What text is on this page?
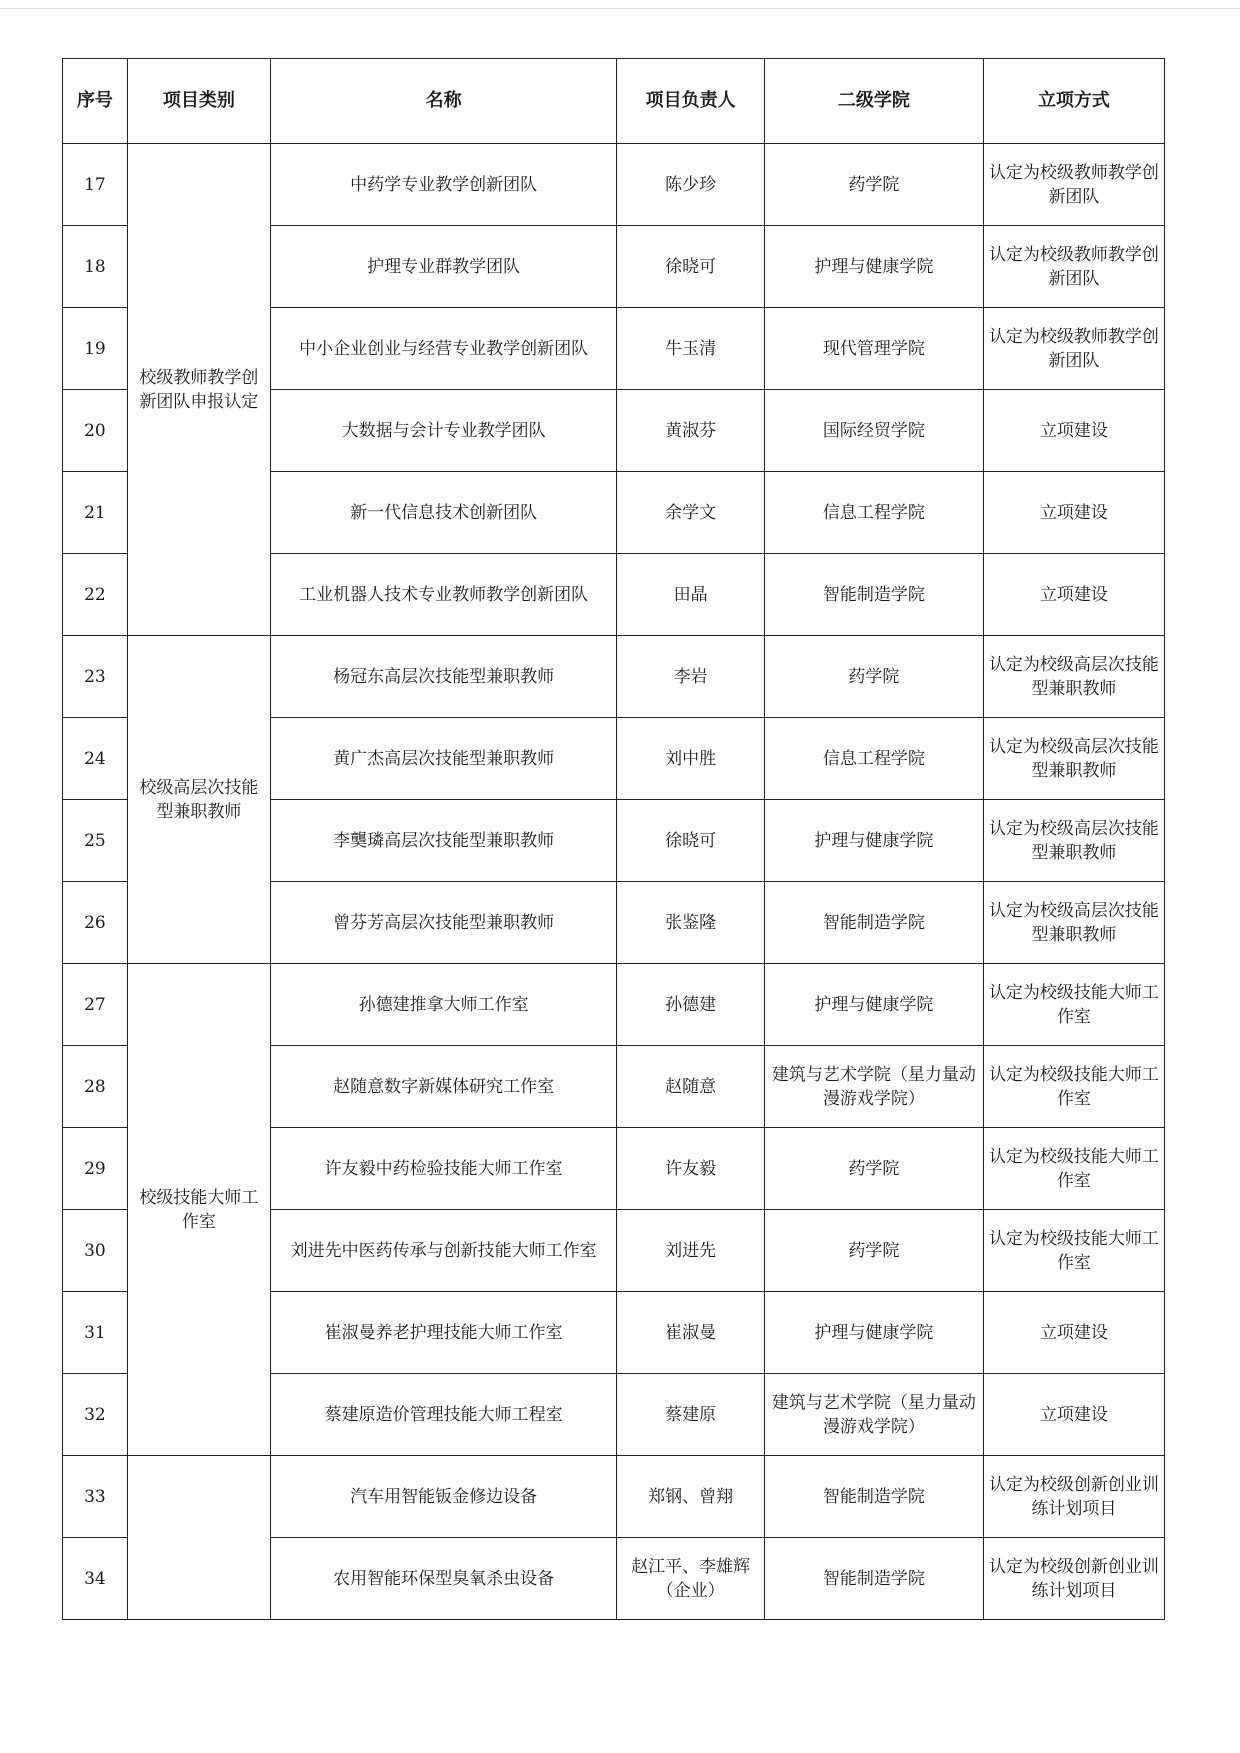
序号	项目类别	名称	项目负责人	二级学院	立项方式
17	校级教师教学创新团队申报认定	中药学专业教学创新团队	陈少珍	药学院	认定为校级教师教学创新团队
18		护理专业群教学团队	徐晓可	护理与健康学院	认定为校级教师教学创新团队
19		中小企业创业与经营专业教学创新团队	牛玉清	现代管理学院	认定为校级教师教学创新团队
20		大数据与会计专业教学团队	黄淑芬	国际经贸学院	立项建设
21		新一代信息技术创新团队	余学文	信息工程学院	立项建设
22		工业机器人技术专业教师教学创新团队	田晶	智能制造学院	立项建设
23	校级高层次技能型兼职教师	杨冠东高层次技能型兼职教师	李岩	药学院	认定为校级高层次技能型兼职教师
24		黄广杰高层次技能型兼职教师	刘中胜	信息工程学院	认定为校级高层次技能型兼职教师
25		李龑璘高层次技能型兼职教师	徐晓可	护理与健康学院	认定为校级高层次技能型兼职教师
26		曾芬芳高层次技能型兼职教师	张鉴隆	智能制造学院	认定为校级高层次技能型兼职教师
27	校级技能大师工作室	孙德建推拿大师工作室	孙德建	护理与健康学院	认定为校级技能大师工作室
28		赵随意数字新媒体研究工作室	赵随意	建筑与艺术学院（星力量动漫游戏学院）	认定为校级技能大师工作室
29		许友毅中药检验技能大师工作室	许友毅	药学院	认定为校级技能大师工作室
30		刘进先中医药传承与创新技能大师工作室	刘进先	药学院	认定为校级技能大师工作室
31		崔淑曼养老护理技能大师工作室	崔淑曼	护理与健康学院	立项建设
32		蔡建原造价管理技能大师工程室	蔡建原	建筑与艺术学院（星力量动漫游戏学院）	立项建设
33		汽车用智能钣金修边设备	郑钢、曾翔	智能制造学院	认定为校级创新创业训练计划项目
34		农用智能环保型臭氧杀虫设备	赵江平、李雄辉（企业）	智能制造学院	认定为校级创新创业训练计划项目
